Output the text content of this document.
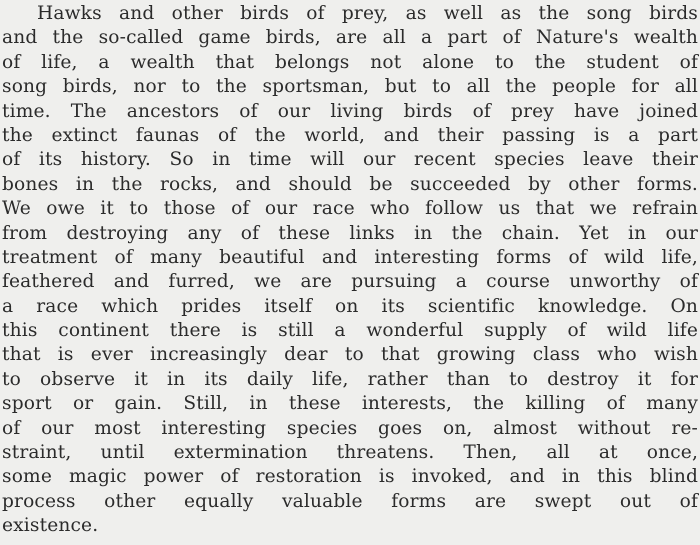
Hawks and other birds of prey, as well as the song birds
and the so-called game birds, are all a part of Nature's wealth
of life, a wealth that belongs not alone to the student of
song birds, nor to the sportsman, but to all the people for all
time. The ancestors of our living birds of prey have joined
the extinct faunas of the world, and their passing is a part
of its history. So in time will our recent species leave their
bones in the rocks, and should be succeeded by other forms.
We owe it to those of our race who follow us that we refrain
from destroying any of these links in the chain. Yet in our
treatment of many beautiful and interesting forms of wild life,
feathered and furred, we are pursuing a course unworthy of
a race which prides itself on its scientific knowledge. On
this continent there is still a wonderful supply of wild life
that is ever increasingly dear to that growing class who wish
to observe it in its daily life, rather than to destroy it for
sport or gain. Still, in these interests, the killing of many
of our most interesting species goes on, almost without re-
straint, until extermination threatens. Then, all at once,
some magic power of restoration is invoked, and in this blind
process other equally valuable forms are swept out of
existence.
